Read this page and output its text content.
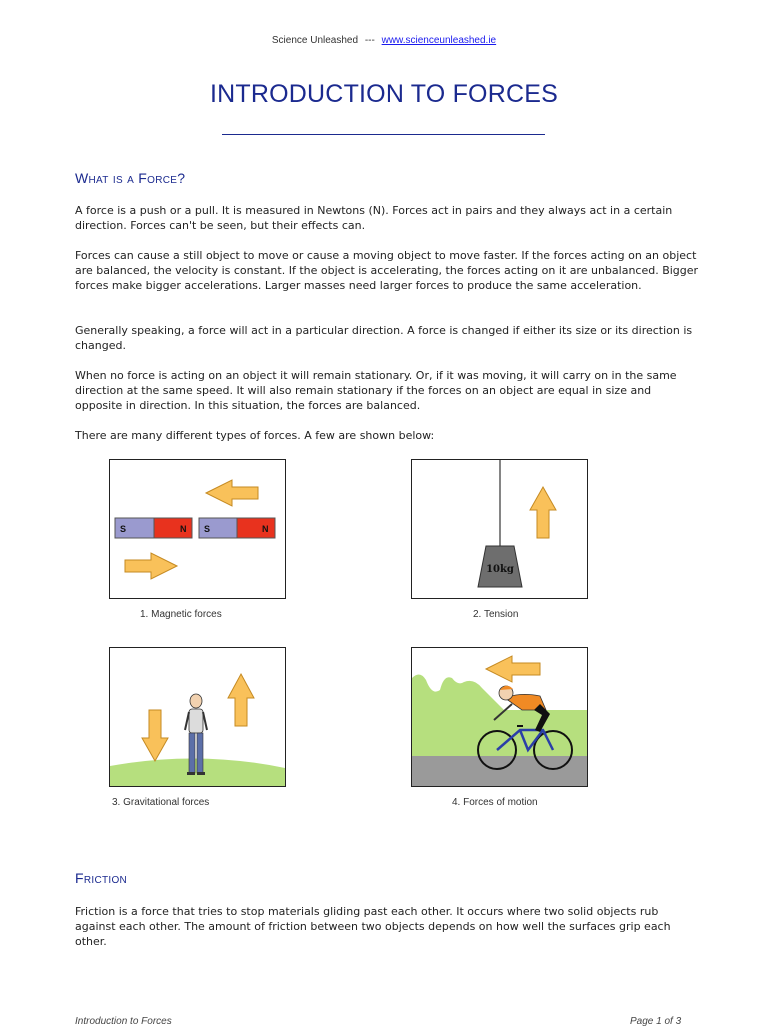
Science Unleashed --- www.scienceunleashed.ie
INTRODUCTION TO FORCES
What is a Force?
A force is a push or a pull. It is measured in Newtons (N). Forces act in pairs and they always act in a certain direction. Forces can't be seen, but their effects can.
Forces can cause a still object to move or cause a moving object to move faster. If the forces acting on an object are balanced, the velocity is constant. If the object is accelerating, the forces acting on it are unbalanced. Bigger forces make bigger accelerations. Larger masses need larger forces to produce the same acceleration.
Generally speaking, a force will act in a particular direction. A force is changed if either its size or its direction is changed.
When no force is acting on an object it will remain stationary. Or, if it was moving, it will carry on in the same direction at the same speed. It will also remain stationary if the forces on an object are equal in size and opposite in direction. In this situation, the forces are balanced.
There are many different types of forces. A few are shown below:
S	N S	N
1. Magnetic forces
10kg
2. Tension
3. Gravitational forces	4. Forces of motion
Friction
Friction is a force that tries to stop materials gliding past each other. It occurs where two solid objects rub against each other. The amount of friction between two objects depends on how well the surfaces grip each other.
Introduction to Forces	Page 1 of 3
